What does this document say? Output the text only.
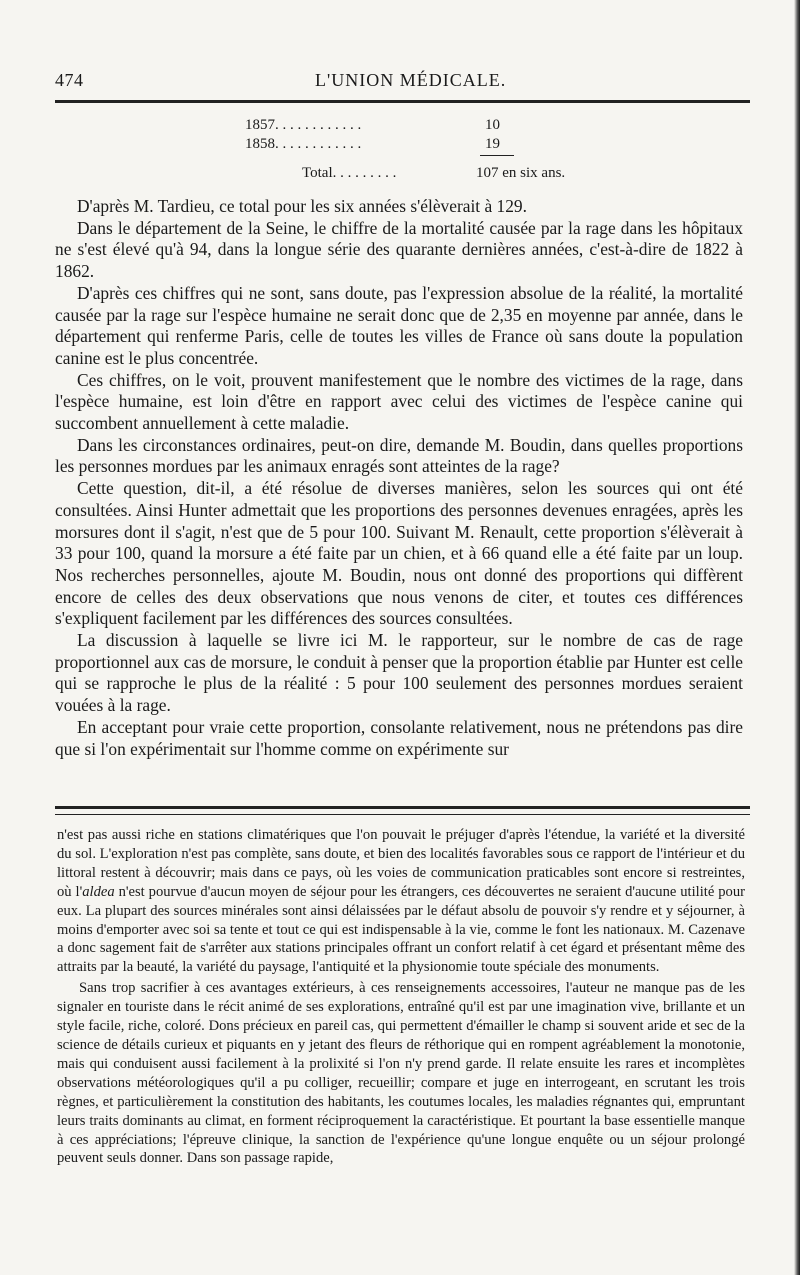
474	L'UNION MÉDICALE.
1857. . . . . . . . . . . .	10
1858. . . . . . . . . . . .	19
Total. . . . . . . . .	107 en six ans.

D'après M. Tardieu, ce total pour les six années s'élèverait à 129.

Dans le département de la Seine, le chiffre de la mortalité causée par la rage dans les hôpitaux ne s'est élevé qu'à 94, dans la longue série des quarante dernières années, c'est-à-dire de 1822 à 1862.

D'après ces chiffres qui ne sont, sans doute, pas l'expression absolue de la réalité, la mortalité causée par la rage sur l'espèce humaine ne serait donc que de 2,35 en moyenne par année, dans le département qui renferme Paris, celle de toutes les villes de France où sans doute la population canine est le plus concentrée.

Ces chiffres, on le voit, prouvent manifestement que le nombre des victimes de la rage, dans l'espèce humaine, est loin d'être en rapport avec celui des victimes de l'espèce canine qui succombent annuellement à cette maladie.

Dans les circonstances ordinaires, peut-on dire, demande M. Boudin, dans quelles proportions les personnes mordues par les animaux enragés sont atteintes de la rage?

Cette question, dit-il, a été résolue de diverses manières, selon les sources qui ont été consultées. Ainsi Hunter admettait que les proportions des personnes devenues enragées, après les morsures dont il s'agit, n'est que de 5 pour 100. Suivant M. Renault, cette proportion s'élèverait à 33 pour 100, quand la morsure a été faite par un chien, et à 66 quand elle a été faite par un loup. Nos recherches personnelles, ajoute M. Boudin, nous ont donné des proportions qui diffèrent encore de celles des deux observations que nous venons de citer, et toutes ces différences s'expliquent facilement par les différences des sources consultées.

La discussion à laquelle se livre ici M. le rapporteur, sur le nombre de cas de rage proportionnel aux cas de morsure, le conduit à penser que la proportion établie par Hunter est celle qui se rapproche le plus de la réalité : 5 pour 100 seulement des personnes mordues seraient vouées à la rage.

En acceptant pour vraie cette proportion, consolante relativement, nous ne prétendons pas dire que si l'on expérimentait sur l'homme comme on expérimente sur

n'est pas aussi riche en stations climatériques que l'on pouvait le préjuger d'après l'étendue, la variété et la diversité du sol. L'exploration n'est pas complète, sans doute, et bien des localités favorables sous ce rapport de l'intérieur et du littoral restent à découvrir; mais dans ce pays, où les voies de communication praticables sont encore si restreintes, où l'aldea n'est pourvue d'aucun moyen de séjour pour les étrangers, ces découvertes ne seraient d'aucune utilité pour eux. La plupart des sources minérales sont ainsi délaissées par le défaut absolu de pouvoir s'y rendre et y séjourner, à moins d'emporter avec soi sa tente et tout ce qui est indispensable à la vie, comme le font les nationaux. M. Cazenave a donc sagement fait de s'arrêter aux stations principales offrant un confort relatif à cet égard et présentant même des attraits par la beauté, la variété du paysage, l'antiquité et la physionomie toute spéciale des monuments.

Sans trop sacrifier à ces avantages extérieurs, à ces renseignements accessoires, l'auteur ne manque pas de les signaler en touriste dans le récit animé de ses explorations, entraîné qu'il est par une imagination vive, brillante et un style facile, riche, coloré. Dons précieux en pareil cas, qui permettent d'émailler le champ si souvent aride et sec de la science de détails curieux et piquants en y jetant des fleurs de réthorique qui en rompent agréablement la monotonie, mais qui conduisent aussi facilement à la prolixité si l'on n'y prend garde. Il relate ensuite les rares et incomplètes observations météorologiques qu'il a pu colliger, recueillir; compare et juge en interrogeant, en scrutant les trois règnes, et particulièrement la constitution des habitants, les coutumes locales, les maladies régnantes qui, empruntant leurs traits dominants au climat, en forment réciproquement la caractéristique. Et pourtant la base essentielle manque à ces appréciations; l'épreuve clinique, la sanction de l'expérience qu'une longue enquête ou un séjour prolongé peuvent seuls donner. Dans son passage rapide,
